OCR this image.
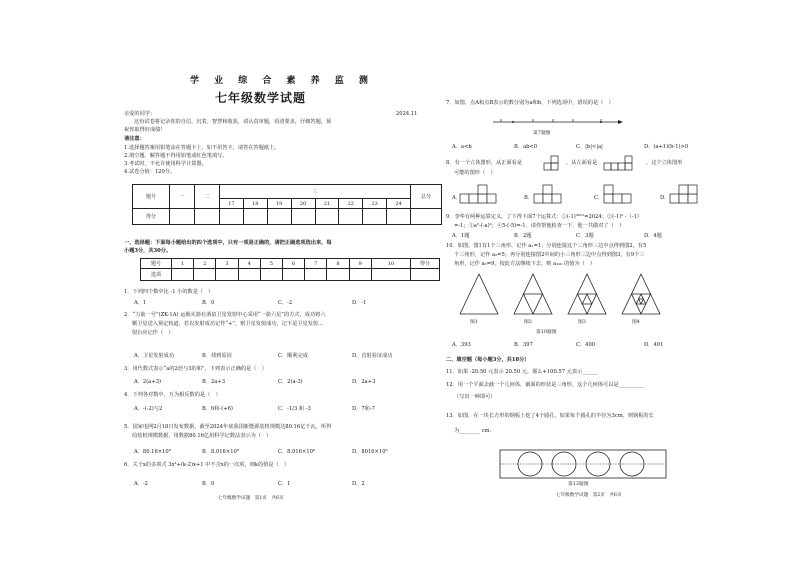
学 业 综 合 素 养 监 测
七年级数学试题
亲爱的同学：	2024.11
这份试卷将记录你的自信、沉着、智慧和收获，请认真审题，看清要求，仔细答题，预
祝你取得好成绩！
请注意：
1.选择题答案用铅笔涂在答题卡上，如不用答卡，请答在答题纸上。
2.填空题、解答题不得用铅笔或红色笔填写。
3.考试时，不允许使用科学计算器。
4.试卷分值：120分。
题号	一	二	三								总分
			17	18	19	20	21	22	23	24	
得分											
一、选择题：下面每小题给出的四个选项中，只有一项是正确的，请把正确选项选出来，每
小题3分，共30分。
题号	1	2	3	4	5	6	7	8	9	10	得分
选项											
1．下列四个数中比 -1 小的数是（　）
A．1	B．0	C．-2	D．-1
2．“力箭一号”(ZK-1A) 运载火箭在酒泉卫星发射中心采用“一箭六星”的方式，成功将六
颗卫星送入预定轨道，若以发射成功记作“+”，则卫星发射成功，记下是卫星发射...
射台应记作（　）
A．卫星发射成功	B．找到原因	C．顺利完成	D．首射验证成功
3．用代数式表示“a的2倍与3的和”，下列表示正确的是（　）
A．2(a+3)	B．2a+3	C．2(a-3)	D．2a+3
4．下列各对数中，互为相反数的是（　）
A．-(-2)与2	B．6和-(+6)	C．-1/3 和 -3	D．7和-7
5．国家电网2月18日发布数据，截至2024年底我国新能源装机规模达80.16亿千瓦，所得
的装机规模数据，用数据80.16亿用科学记数法表示为（　）
A．80.16×10⁸	B．8.016×10⁹	C．8.016×10⁸	D．8016×10⁶
6．关于x的多项式 3x²+(k-2)x+1 中不含x的一次项，则k的值是（　）
A．-2	B．0	C．1	D．2
七年级数学试题　第1页　共6页
7．如图，点A和点B表示的数分别为a和b，下列选项中，错误的是（　）
第7题图
A．a<b	B．ab<0	C．|b|<|a|	D．(a+1)(b-1)>0
8．有一个立体图形，从正面看是	，从左面看是	，这个立体图形
可能的图形（　）
A．	B．	C．	D．
9．李华有两种运算定义，了下得下面7个运算式：①(-1)³⁰²¹=2024；②(-1)² -（-1）
=-1；③a²-(-a)²；④5-(-5)=-1．请你帮他检查一下，他一共做对了（　）
A．1题	B．2题	C．3题	D．4题
10．如图，图1有1个三角形，记作 a₁=1；分别连接这个三角形三边中点得到图2，有5
个三角形，记作 a₂=5；再分别连接图2中间的小三角形三边中点得到图3，有9个三
角形，记作 a₃=9，按此方法继续下去，则 a₁₀₀ 的值为（　）
图1	图2	图3	图4
第10题图
A．393	B．397	C．400	D．401
二、填空题（每小题3分，共18分）
11．如果 -20.50 元表示 20.50 元，那么+100.57 元表示______
12．用一个平面去截一个几何体，截面的形状是三角形，这个几何体可以是__________
（写出一种即可）
13．如图，在一块长方形的钢板上挖了4个圆孔，如果每个圆孔的半径为3cm，则钢板的长
为________ cm.
第13题图
七年级数学试题　第2页　共6页
